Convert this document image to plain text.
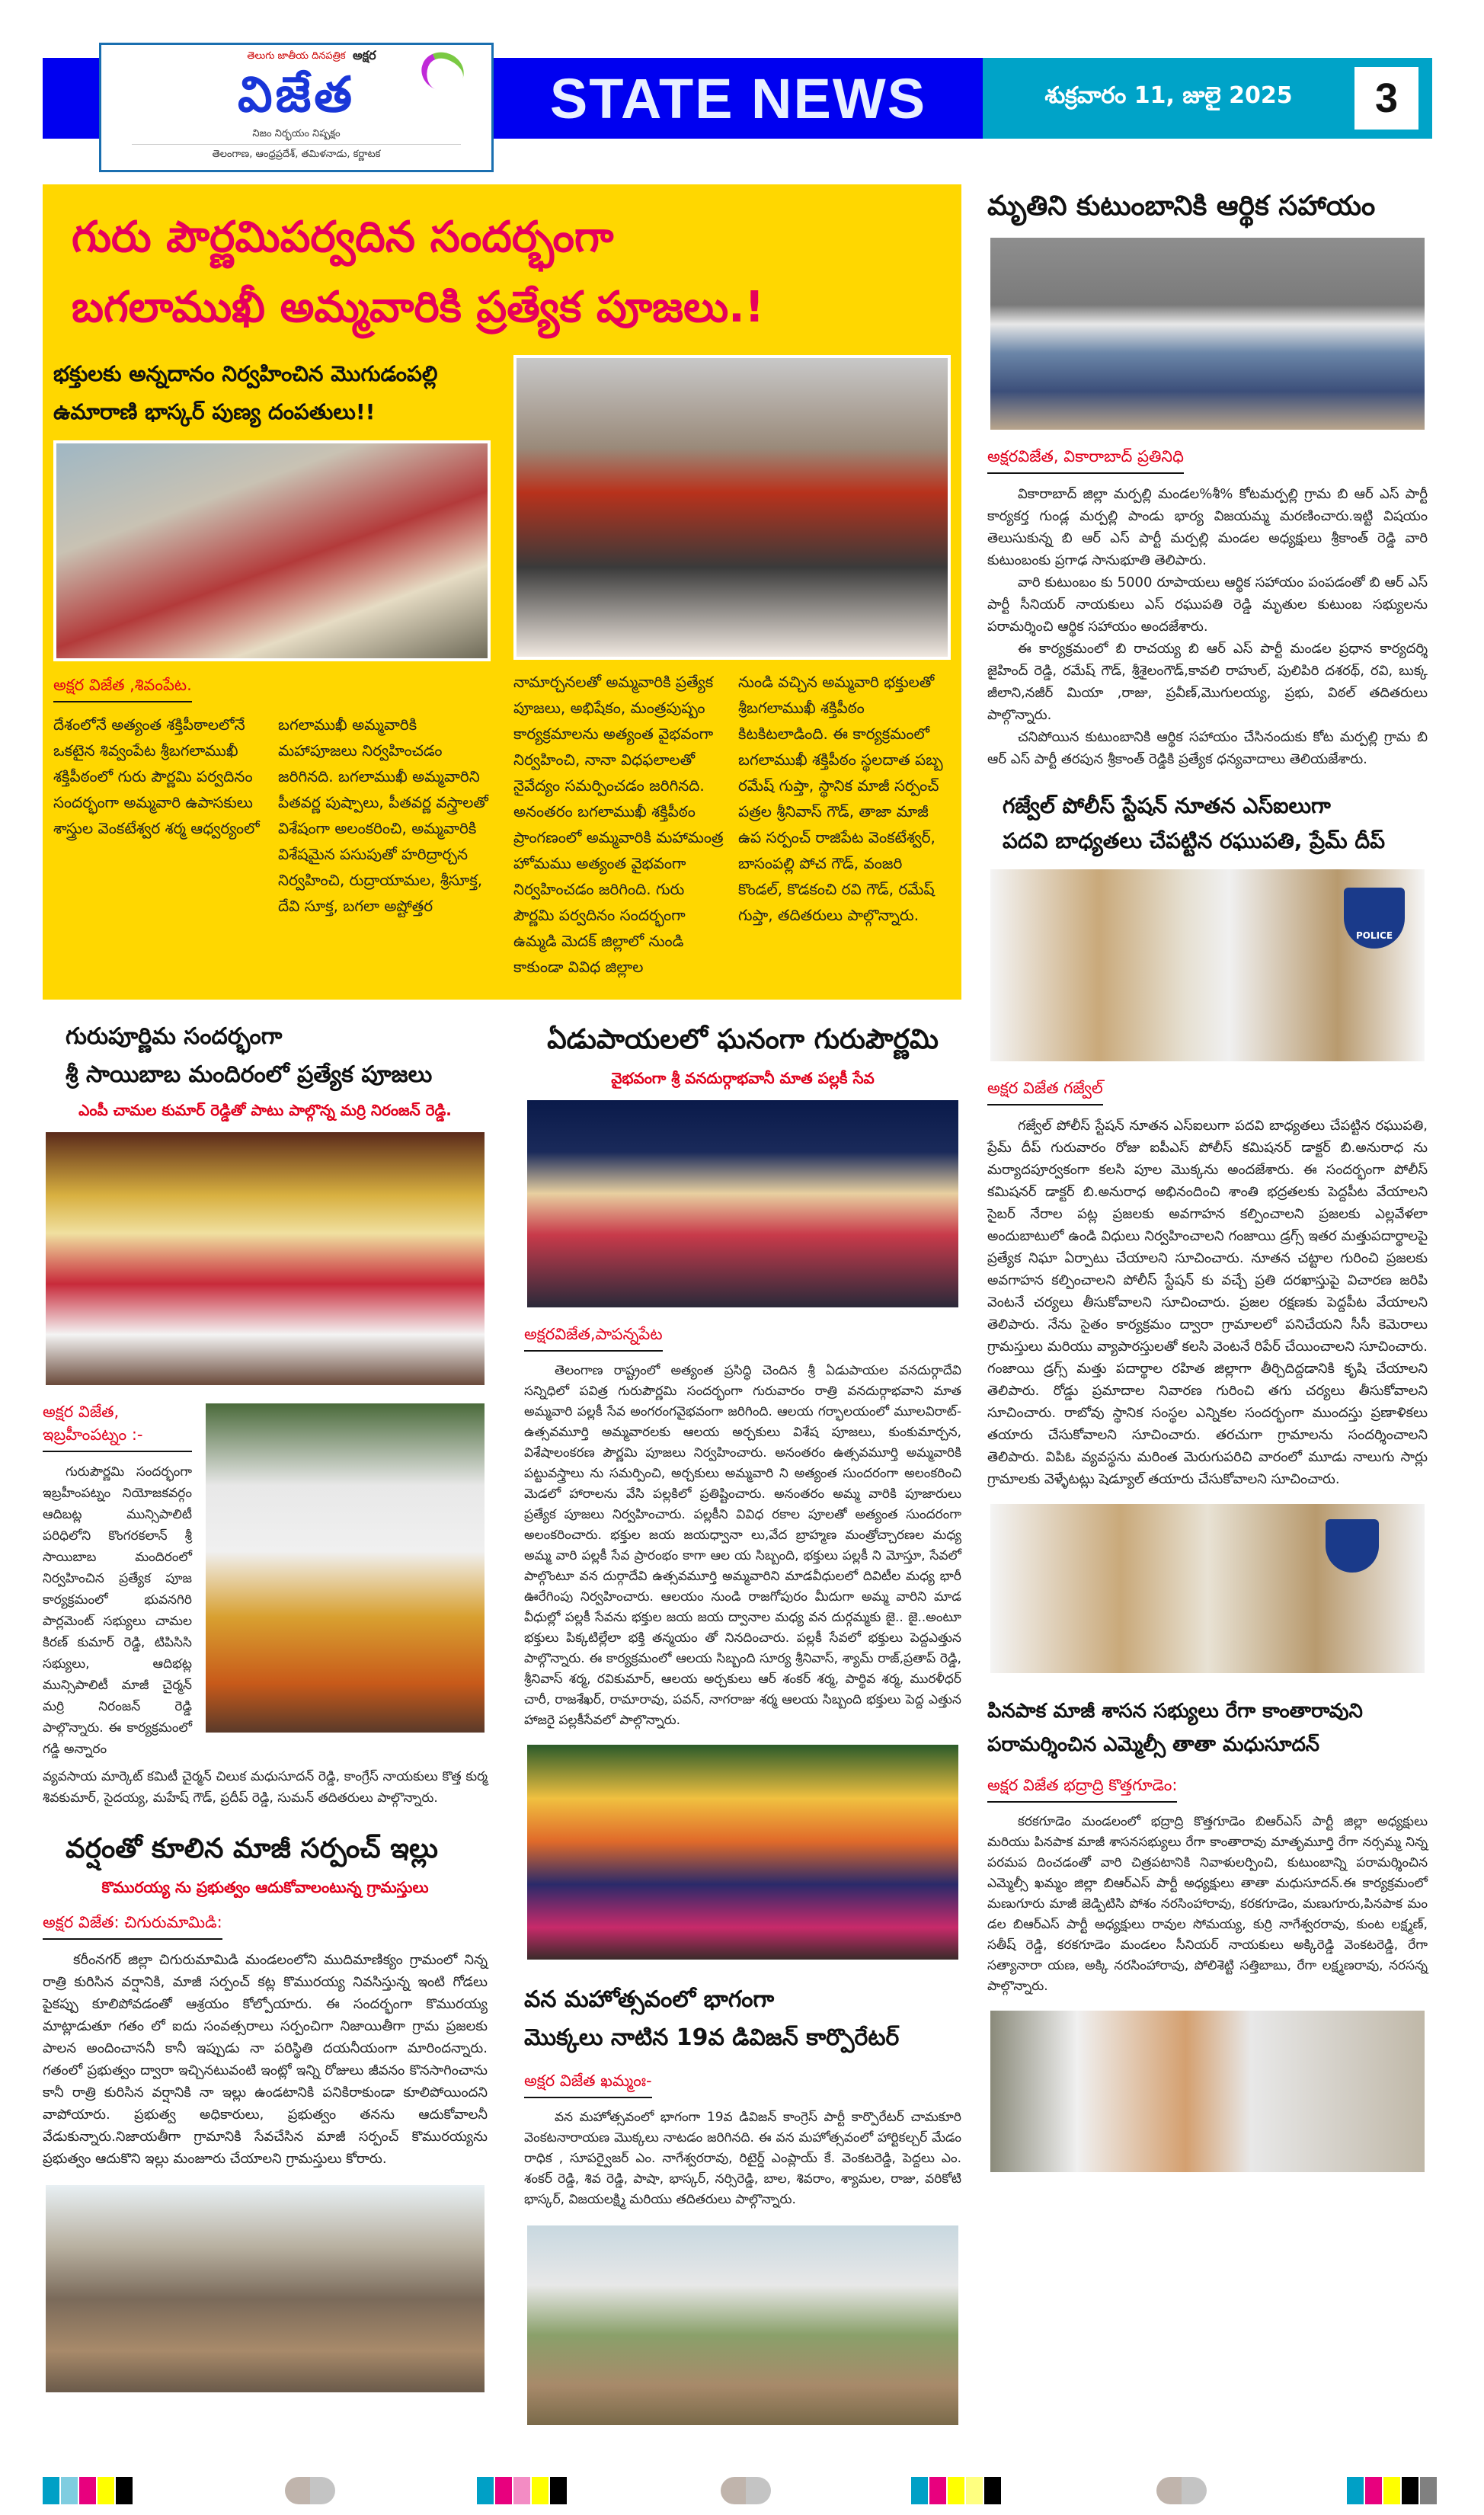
తెలుగు జాతీయ దినపత్రిక అక్షర
విజేత
నిజం నిర్భయం నిష్పక్షం
తెలంగాణ, ఆంధ్రప్రదేశ్, తమిళనాడు, కర్ణాటక
STATE NEWS	శుక్రవారం 11, జులై 2025	3
గురు పౌర్ణమిపర్వదిన సందర్భంగా
బగలాముఖీ అమ్మవారికి ప్రత్యేక పూజలు.!
భక్తులకు అన్నదానం నిర్వహించిన మొగుడంపల్లి
ఉమారాణి భాస్కర్ పుణ్య దంపతులు!!
అక్షర విజేత ,శివంపేట.
దేశంలోనే అత్యంత శక్తిపీఠాలలోనే ఒకటైన శివ్వంపేట శ్రీబగలాముఖీ శక్తిపీఠంలో గురు పౌర్ణమి పర్వదినం సందర్భంగా అమ్మవారి ఉపాసకులు శాస్త్రుల వెంకటేశ్వర శర్మ ఆధ్వర్యంలో
బగలాముఖీ అమ్మవారికి మహాపూజలు నిర్వహించడం జరిగినది. బగలాముఖీ అమ్మవారిని పీతవర్ణ పుష్పాలు, పీతవర్ణ వస్త్రాలతో విశేషంగా అలంకరించి, అమ్మవారికి విశేషమైన పసుపుతో హరిద్రార్చన నిర్వహించి, రుద్రాయామల, శ్రీసూక్త, దేవి సూక్త, బగలా అష్టోత్తర
నామార్చనలతో అమ్మవారికి ప్రత్యేక పూజలు, అభిషేకం, మంత్రపుష్పం కార్యక్రమాలను అత్యంత వైభవంగా నిర్వహించి, నానా విధఫలాలతో నైవేద్యం సమర్పించడం జరిగినది. అనంతరం బగలాముఖీ శక్తిపీఠం ప్రాంగణంలో అమ్మవారికి మహామంత్ర హోమము అత్యంత వైభవంగా నిర్వహించడం జరిగింది. గురు పౌర్ణమి పర్వదినం సందర్భంగా ఉమ్మడి మెదక్ జిల్లాలో నుండి కాకుండా వివిధ జిల్లాల
నుండి వచ్చిన అమ్మవారి భక్తులతో శ్రీబగలాముఖీ శక్తిపీఠం కిటకిటలాడింది. ఈ కార్యక్రమంలో బగలాముఖీ శక్తిపీఠం స్థలదాత పబ్బ రమేష్ గుప్తా, స్థానిక మాజీ సర్పంచ్ పత్రల శ్రీనివాస్ గౌడ్, తాజా మాజీ ఉప సర్పంచ్ రాజిపేట వెంకటేశ్వర్, బాసంపల్లి పోచ గౌడ్, వంజరి కొండల్, కొడకంచి రవి గౌడ్, రమేష్ గుప్తా, తదితరులు పాల్గొన్నారు.
గురుపూర్ణిమ సందర్భంగా
శ్రీ సాయిబాబ మందిరంలో ప్రత్యేక పూజలు
ఎంపీ చామల కుమార్ రెడ్డితో పాటు పాల్గొన్న మర్రి నిరంజన్ రెడ్డి.
అక్షర విజేత, ఇబ్రహీంపట్నం :-
గురుపౌర్ణమి సందర్భంగా ఇబ్రహీంపట్నం నియోజకవర్గం ఆదిబట్ల మున్సిపాలిటీ పరిధిలోని కొంగరకలాన్ శ్రీ సాయిబాబ మందిరంలో నిర్వహించిన ప్రత్యేక పూజ కార్యక్రమంలో భువనగిరి పార్లమెంట్ సభ్యులు చామల కిరణ్ కుమార్ రెడ్డి, టిపిసిసి సభ్యులు, ఆదిభట్ల మున్సిపాలిటీ మాజీ చైర్మన్ మర్రి నిరంజన్ రెడ్డి పాల్గొన్నారు. ఈ కార్యక్రమంలో గడ్డి అన్నారం
వ్యవసాయ మార్కెట్ కమిటీ చైర్మన్ చిలుక మధుసూదన్ రెడ్డి, కాంగ్రేస్ నాయకులు కొత్త కుర్మ శివకుమార్, సైదయ్య, మహేష్ గౌడ్, ప్రదీప్ రెడ్డి, సుమన్ తదితరులు పాల్గొన్నారు.
వర్షంతో కూలిన మాజీ సర్పంచ్ ఇల్లు
కొమురయ్య ను ప్రభుత్వం ఆదుకోవాలంటున్న గ్రామస్తులు
అక్షర విజేత: చిగురుమామిడి:

కరీంనగర్ జిల్లా చిగురుమామిడి మండలంలోని ముదిమాణిక్యం గ్రామంలో నిన్న రాత్రి కురిసిన వర్షానికి, మాజీ సర్పంచ్ కట్ల కొమురయ్య నివసిస్తున్న ఇంటి గోడలు పైకప్పు కూలిపోవడంతో ఆశ్రయం కోల్పోయారు. ఈ సందర్భంగా కొమురయ్య మాట్లాడుతూ గతం లో ఐదు సంవత్సరాలు సర్పంచిగా నిజాయితీగా గ్రామ ప్రజలకు పాలన అందించాననీ కానీ ఇప్పుడు నా పరిస్థితి దయనీయంగా మారిందన్నారు. గతంలో ప్రభుత్వం ద్వారా ఇచ్చినటువంటి ఇంట్లో ఇన్ని రోజులు జీవనం కొనసాగించాను కానీ రాత్రి కురిసిన వర్షానికి నా ఇల్లు ఉండటానికి పనికిరాకుండా కూలిపోయిందని వాపోయారు. ప్రభుత్వ అధికారులు, ప్రభుత్వం తనను ఆదుకోవాలనీ వేడుకున్నారు.నిజాయతీగా గ్రామానికి సేవచేసిన మాజీ సర్పంచ్ కొమురయ్యను ప్రభుత్వం ఆదుకొని ఇల్లు మంజూరు చేయాలని గ్రామస్తులు కోరారు.

ఏడుపాయలలో ఘనంగా గురుపౌర్ణమి
వైభవంగా శ్రీ వనదుర్గాభవానీ మాత పల్లకీ సేవ
అక్షరవిజేత,పాపన్నపేట

తెలంగాణ రాష్ట్రంలో అత్యంత ప్రసిద్ధి చెందిన శ్రీ ఏడుపాయల వనదుర్గాదేవి సన్నిధిలో పవిత్ర గురుపౌర్ణమి సందర్భంగా గురువారం రాత్రి వనదుర్గాభవాని మాత అమ్మవారి పల్లకీ సేవ అంగరంగవైభవంగా జరిగింది. ఆలయ గర్భాలయంలో మూలవిరాట్- ఉత్సవమూర్తి అమ్మవారలకు ఆలయ అర్చకులు విశేష పూజలు, కుంకుమార్చన, విశేషాలంకరణ పౌర్ణమి పూజలు నిర్వహించారు. అనంతరం ఉత్సవమూర్తి అమ్మవారికి పట్టువస్త్రాలు ను సమర్పించి, అర్చకులు అమ్మవారి ని అత్యంత సుందరంగా అలంకరించి మెడలో హారాలను వేసి పల్లకిలో ప్రతిష్టించారు. అనంతరం అమ్మ వారికి పూజారులు ప్రత్యేక పూజలు నిర్వహించారు. పల్లకీని వివిధ రకాల పూలతో అత్యంత సుందరంగా అలంకరించారు. భక్తుల జయ జయధ్వానా లు,వేద బ్రాహ్మణ మంత్రోచ్చారణల మధ్య అమ్మ వారి పల్లకీ సేవ ప్రారంభం కాగా ఆల య సిబ్బంది, భక్తులు పల్లకీ ని మోస్తూ, సేవలో పాల్గొంటూ వన దుర్గాదేవి ఉత్సవమూర్తి అమ్మవారిని మాడవీధులలో దివిటీల మధ్య భారీ ఊరేగింపు నిర్వహించారు. ఆలయం నుండి రాజగోపురం మీదుగా అమ్మ వారిని మాడ వీధుల్లో పల్లకీ సేవను భక్తుల జయ జయ ద్వానాల మధ్య వన దుర్గమ్మకు జై.. జై..అంటూ భక్తులు పిక్కటిల్లేలా భక్తి తన్మయం తో నినదించారు. పల్లకీ సేవలో భక్తులు పెద్దఎత్తున పాల్గొన్నారు. ఈ కార్యక్రమంలో ఆలయ సిబ్బంది సూర్య శ్రీనివాస్, శ్యామ్ రాజ్,ప్రతాప్ రెడ్డి, శ్రీనివాస్ శర్మ, రవికుమార్, ఆలయ అర్చకులు ఆర్ శంకర్ శర్మ, పార్థివ శర్మ, మురళీధర్ చారీ, రాజశేఖర్, రామారావు, పవన్, నాగరాజు శర్మ ఆలయ సిబ్బంది భక్తులు పెద్ద ఎత్తున హాజరై పల్లకీసేవలో పాల్గొన్నారు.

వన మహోత్సవంలో భాగంగా
మొక్కలు నాటిన 19వ డివిజన్ కార్పొరేటర్
అక్షర విజేత ఖమ్మంః-

వన మహోత్సవంలో భాగంగా 19వ డివిజన్ కాంగ్రెస్ పార్టీ కార్పొరేటర్ చామకూరి వెంకటనారాయణ మొక్కలు నాటడం జరిగినది. ఈ వన మహోత్సవంలో హార్టికల్చర్ మేడం రాధిక , సూపర్వైజర్ ఎం. నాగేశ్వరరావు, రిటైర్డ్ ఎంప్లాయ్ కే. వెంకటరెడ్డి, పెద్దలు ఎం. శంకర్ రెడ్డి, శివ రెడ్డి, పాషా, భాస్కర్, నర్సిరెడ్డి, బాల, శివరాం, శ్యామల, రాజు, వరికోటి భాస్కర్, విజయలక్ష్మి మరియు తదితరులు పాల్గొన్నారు.

మృతిని కుటుంబానికి ఆర్థిక సహాయం
అక్షరవిజేత, వికారాబాద్ ప్రతినిధి

వికారాబాద్ జిల్లా మర్పల్లి మండల%శీ% కోటమర్పల్లి గ్రామ బి ఆర్ ఎస్ పార్టీ కార్యకర్త గుండ్ల మర్పల్లి పాండు భార్య విజయమ్మ మరణించారు.ఇట్టి విషయం తెలుసుకున్న బి ఆర్ ఎస్ పార్టీ మర్పల్లి మండల అధ్యక్షులు శ్రీకాంత్ రెడ్డి వారి కుటుంబంకు ప్రగాఢ సానుభూతి తెలిపారు.

వారి కుటుంబం కు 5000 రూపాయలు ఆర్థిక సహాయం పంపడంతో బి ఆర్ ఎస్ పార్టీ సీనియర్ నాయకులు ఎస్ రఘుపతి రెడ్డి మృతుల కుటుంబ సభ్యులను పరామర్శించి ఆర్థిక సహాయం అందజేశారు.

ఈ కార్యక్రమంలో బి రాచయ్య బి ఆర్ ఎస్ పార్టీ మండల ప్రధాన కార్యదర్శి జైహింద్ రెడ్డి, రమేష్ గౌడ్, శ్రీశైలంగౌడ్,కావలి రాహుల్, పులిపిరి దశరథ్, రవి, బుక్క జీలాని,నజీర్ మియా ,రాజు, ప్రవీణ్,మొగులయ్య, ప్రభు, విఠల్ తదితరులు పాల్గొన్నారు.

చనిపోయిన కుటుంబానికి ఆర్థిక సహాయం చేసినందుకు కోట మర్పల్లి గ్రామ బి ఆర్ ఎస్ పార్టీ తరపున శ్రీకాంత్ రెడ్డికి ప్రత్యేక ధన్యవాదాలు తెలియజేశారు.

గజ్వేల్ పోలీస్ స్టేషన్ నూతన ఎస్ఐలుగా
పదవి బాధ్యతలు చేపట్టిన రఘుపతి, ప్రేమ్ దీప్
POLICE
అక్షర విజేత గజ్వేల్

గజ్వేల్ పోలీస్ స్టేషన్ నూతన ఎస్ఐలుగా పదవి బాధ్యతలు చేపట్టిన రఘుపతి, ప్రేమ్ దీప్ గురువారం రోజు ఐపీఎస్ పోలీస్ కమిషనర్ డాక్టర్ బి.అనురాధ ను మర్యాదపూర్వకంగా కలసి పూల మొక్కను అందజేశారు. ఈ సందర్భంగా పోలీస్ కమిషనర్ డాక్టర్ బి.అనురాధ అభినందించి శాంతి భద్రతలకు పెద్దపీట వేయాలని సైబర్ నేరాల పట్ల ప్రజలకు అవగాహన కల్పించాలని ప్రజలకు ఎల్లవేళలా అందుబాటులో ఉండి విధులు నిర్వహించాలని గంజాయి డ్రగ్స్ ఇతర మత్తుపదార్థాలపై ప్రత్యేక నిఘా ఏర్పాటు చేయాలని సూచించారు. నూతన చట్టాల గురించి ప్రజలకు అవగాహన కల్పించాలని పోలీస్ స్టేషన్ కు వచ్చే ప్రతి దరఖాస్తుపై విచారణ జరిపి వెంటనే చర్యలు తీసుకోవాలని సూచించారు. ప్రజల రక్షణకు పెద్దపీట వేయాలని తెలిపారు. నేను సైతం కార్యక్రమం ద్వారా గ్రామాలలో పనిచేయని సీసీ కెమెరాలు గ్రామస్తులు మరియు వ్యాపారస్తులతో కలసి వెంటనే రిపేర్ చేయించాలని సూచించారు. గంజాయి డ్రగ్స్ మత్తు పదార్థాల రహిత జిల్లాగా తీర్చిదిద్దడానికి కృషి చేయాలని తెలిపారు. రోడ్డు ప్రమాదాల నివారణ గురించి తగు చర్యలు తీసుకోవాలని సూచించారు. రాబోవు స్థానిక సంస్థల ఎన్నికల సందర్భంగా ముందస్తు ప్రణాళికలు తయారు చేసుకోవాలని సూచించారు. తరచుగా గ్రామాలను సందర్శించాలని తెలిపారు. విపిఓ వ్యవస్థను మరింత మెరుగుపరిచి వారంలో మూడు నాలుగు సార్లు గ్రామాలకు వెళ్ళేటట్లు షెడ్యూల్ తయారు చేసుకోవాలని సూచించారు.

పినపాక మాజీ శాసన సభ్యులు రేగా కాంతారావుని
పరామర్శించిన ఎమ్మెల్సీ తాతా మధుసూదన్
అక్షర విజేత భద్రాద్రి కొత్తగూడెం:

కరకగూడెం మండలంలో భద్రాద్రి కొత్తగూడెం బిఆర్ఎస్ పార్టీ జిల్లా అధ్యక్షులు మరియు పినపాక మాజీ శాసనసభ్యులు రేగా కాంతారావు మాతృమూర్తి రేగా నర్సమ్మ నిన్న పరమప దించడంతో వారి చిత్రపటానికి నివాళులర్పించి, కుటుంబాన్ని పరామర్శించిన ఎమ్మెల్సీ ఖమ్మం జిల్లా బిఆర్ఎస్ పార్టీ అధ్యక్షులు తాతా మధుసూదన్.ఈ కార్యక్రమంలో మణుగూరు మాజీ జెడ్పిటిసి పోశం నరసింహారావు, కరకగూడెం, మణుగూరు,పినపాక మం డల బిఆర్ఎస్ పార్టీ అధ్యక్షులు రావుల సోమయ్య, కుర్రి నాగేశ్వరరావు, కుంట లక్ష్మణ్, సతీష్ రెడ్డి, కరకగూడెం మండలం సీనియర్ నాయకులు అక్కిరెడ్డి వెంకటరెడ్డి, రేగా సత్యానారా యణ, అక్కి నరసింహారావు, పోలిశెట్టి సత్తిబాబు, రేగా లక్ష్మణరావు, నరసన్న పాల్గొన్నారు.
